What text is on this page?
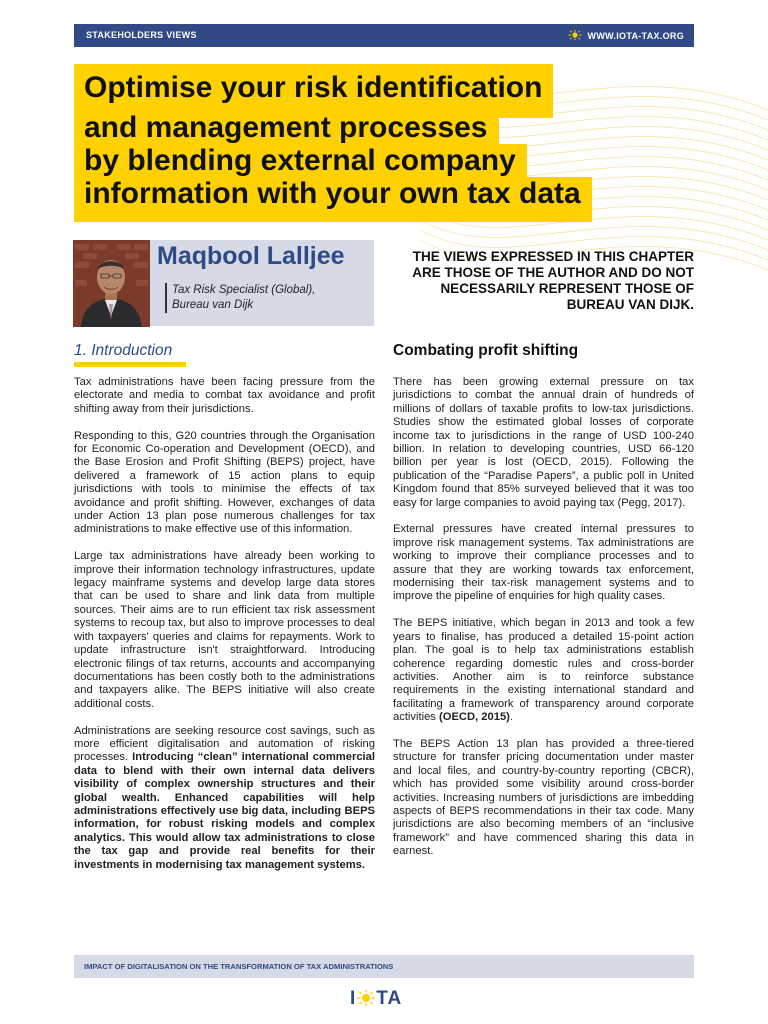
STAKEHOLDERS VIEWS	WWW.IOTA-TAX.ORG
Optimise your risk identification
and management processes
by blending external company
information with your own tax data
Maqbool Lalljee
Tax Risk Specialist (Global),
Bureau van Dijk
THE VIEWS EXPRESSED IN THIS CHAPTER ARE THOSE OF THE AUTHOR AND DO NOT NECESSARILY REPRESENT THOSE OF BUREAU VAN DIJK.
1. Introduction	Combating profit shifting

Tax administrations have been facing pressure from the electorate and media to combat tax avoidance and profit shifting away from their jurisdictions.

Responding to this, G20 countries through the Organisation for Economic Co-operation and Development (OECD), and the Base Erosion and Profit Shifting (BEPS) project, have delivered a framework of 15 action plans to equip jurisdictions with tools to minimise the effects of tax avoidance and profit shifting. However, exchanges of data under Action 13 plan pose numerous challenges for tax administrations to make effective use of this information.

Large tax administrations have already been working to improve their information technology infrastructures, update legacy mainframe systems and develop large data stores that can be used to share and link data from multiple sources. Their aims are to run efficient tax risk assessment systems to recoup tax, but also to improve processes to deal with taxpayers' queries and claims for repayments. Work to update infrastructure isn't straightforward. Introducing electronic filings of tax returns, accounts and accompanying documentations has been costly both to the administrations and taxpayers alike. The BEPS initiative will also create additional costs.

Administrations are seeking resource cost savings, such as more efficient digitalisation and automation of risking processes. Introducing “clean” international commercial data to blend with their own internal data delivers visibility of complex ownership structures and their global wealth. Enhanced capabilities will help administrations effectively use big data, including BEPS information, for robust risking models and complex analytics. This would allow tax administrations to close the tax gap and provide real benefits for their investments in modernising tax management systems.

There has been growing external pressure on tax jurisdictions to combat the annual drain of hundreds of millions of dollars of taxable profits to low-tax jurisdictions. Studies show the estimated global losses of corporate income tax to jurisdictions in the range of USD 100-240 billion. In relation to developing countries, USD 66-120 billion per year is lost (OECD, 2015). Following the publication of the “Paradise Papers”, a public poll in United Kingdom found that 85% surveyed believed that it was too easy for large companies to avoid paying tax (Pegg, 2017).

External pressures have created internal pressures to improve risk management systems. Tax administrations are working to improve their compliance processes and to assure that they are working towards tax enforcement, modernising their tax-risk management systems and to improve the pipeline of enquiries for high quality cases.

The BEPS initiative, which began in 2013 and took a few years to finalise, has produced a detailed 15-point action plan. The goal is to help tax administrations establish coherence regarding domestic rules and cross-border activities. Another aim is to reinforce substance requirements in the existing international standard and facilitating a framework of transparency around corporate activities (OECD, 2015).

The BEPS Action 13 plan has provided a three-tiered structure for transfer pricing documentation under master and local files, and country-by-country reporting (CBCR), which has provided some visibility around cross-border activities. Increasing numbers of jurisdictions are imbedding aspects of BEPS recommendations in their tax code. Many jurisdictions are also becoming members of an “inclusive framework” and have commenced sharing this data in earnest.

IMPACT OF DIGITALISATION ON THE TRANSFORMATION OF TAX ADMINISTRATIONS
I TA
